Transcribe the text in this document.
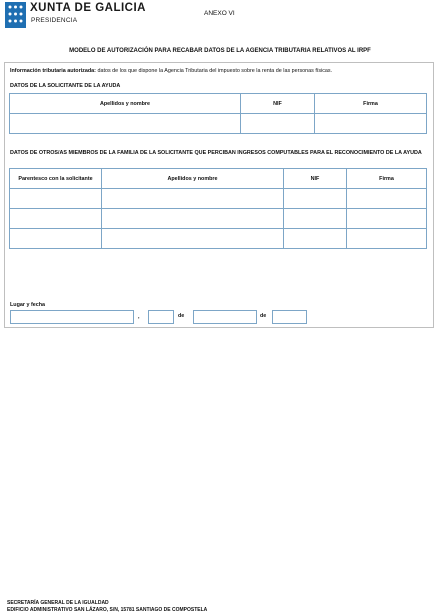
XUNTA DE GALICIA
PRESIDENCIA
ANEXO VI
MODELO DE AUTORIZACIÓN PARA RECABAR DATOS DE LA AGENCIA TRIBUTARIA RELATIVOS AL IRPF
Información tributaria autorizada: datos de los que dispone la Agencia Tributaria del impuesto sobre la renta de las personas físicas.
DATOS DE LA SOLICITANTE DE LA AYUDA
Apellidos y nombre	NIF	Firma

DATOS DE OTROS/AS MIEMBROS DE LA FAMILIA DE LA SOLICITANTE QUE PERCIBAN INGRESOS COMPUTABLES PARA EL RECONOCIMIENTO DE LA AYUDA
Parentesco con la solicitante	Apellidos y nombre	NIF	Firma

Lugar y fecha
,	de	de
SECRETARÍA GENERAL DE LA IGUALDAD
EDIFICIO ADMINISTRATIVO SAN LÁZARO, S/N, 15781 SANTIAGO DE COMPOSTELA
